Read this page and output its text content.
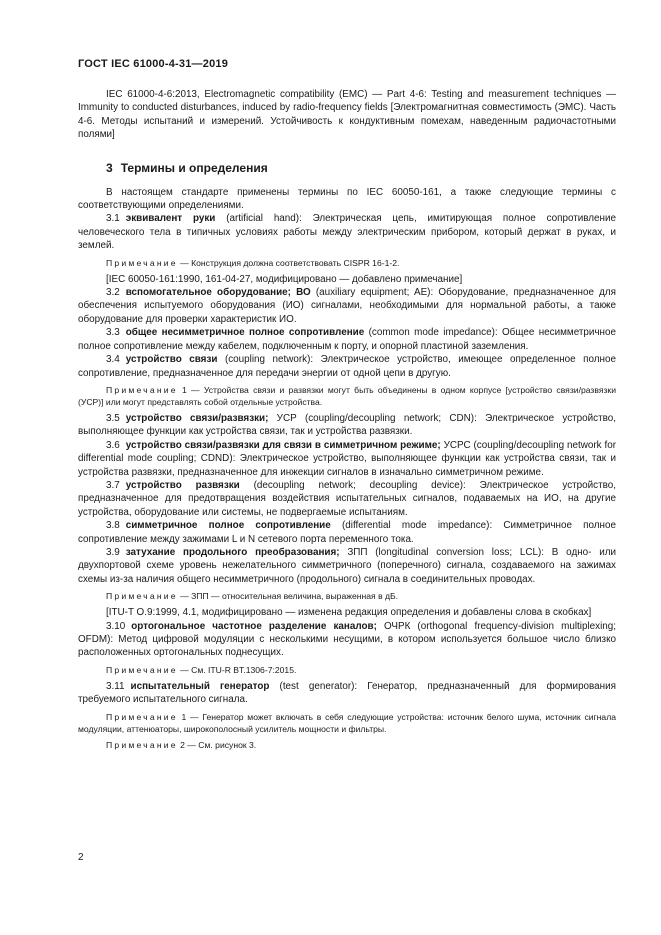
ГОСТ IEC 61000-4-31—2019

IEC 61000-4-6:2013, Electromagnetic compatibility (EMC) — Part 4-6: Testing and measurement techniques — Immunity to conducted disturbances, induced by radio-frequency fields [Электромагнитная совместимость (ЭМС). Часть 4-6. Методы испытаний и измерений. Устойчивость к кондуктивным помехам, наведенным радиочастотными полями]

3 Термины и определения

В настоящем стандарте применены термины по IEC 60050-161, а также следующие термины с соответствующими определениями.

3.1 эквивалент руки (artificial hand): Электрическая цепь, имитирующая полное сопротивление человеческого тела в типичных условиях работы между электрическим прибором, который держат в руках, и землей.

Примечание — Конструкция должна соответствовать CISPR 16-1-2.

[IEC 60050-161:1990, 161-04-27, модифицировано — добавлено примечание]

3.2 вспомогательное оборудование; ВО (auxiliary equipment; AE): Оборудование, предназначенное для обеспечения испытуемого оборудования (ИО) сигналами, необходимыми для нормальной работы, а также оборудование для проверки характеристик ИО.

3.3 общее несимметричное полное сопротивление (common mode impedance): Общее несимметричное полное сопротивление между кабелем, подключенным к порту, и опорной пластиной заземления.

3.4 устройство связи (coupling network): Электрическое устройство, имеющее определенное полное сопротивление, предназначенное для передачи энергии от одной цепи в другую.

Примечание 1 — Устройства связи и развязки могут быть объединены в одном корпусе [устройство связи/развязки (УСР)] или могут представлять собой отдельные устройства.

3.5 устройство связи/развязки; УСР (coupling/decoupling network; CDN): Электрическое устройство, выполняющее функции как устройства связи, так и устройства развязки.

3.6 устройство связи/развязки для связи в симметричном режиме; УСРС (coupling/decoupling network for differential mode coupling; CDND): Электрическое устройство, выполняющее функции как устройства связи, так и устройства развязки, предназначенное для инжекции сигналов в изначально симметричном режиме.

3.7 устройство развязки (decoupling network; decoupling device): Электрическое устройство, предназначенное для предотвращения воздействия испытательных сигналов, подаваемых на ИО, на другие устройства, оборудование или системы, не подвергаемые испытаниям.

3.8 симметричное полное сопротивление (differential mode impedance): Симметричное полное сопротивление между зажимами L и N сетевого порта переменного тока.

3.9 затухание продольного преобразования; ЗПП (longitudinal conversion loss; LCL): В одно- или двухпортовой схеме уровень нежелательного симметричного (поперечного) сигнала, создаваемого на зажимах схемы из-за наличия общего несимметричного (продольного) сигнала в соединительных проводах.

Примечание — ЗПП — относительная величина, выраженная в дБ.

[ITU-T O.9:1999, 4.1, модифицировано — изменена редакция определения и добавлены слова в скобках]

3.10 ортогональное частотное разделение каналов; ОЧРК (orthogonal frequency-division multiplexing; OFDM): Метод цифровой модуляции с несколькими несущими, в котором используется большое число близко расположенных ортогональных поднесущих.

Примечание — См. ITU-R BT.1306-7:2015.

3.11 испытательный генератор (test generator): Генератор, предназначенный для формирования требуемого испытательного сигнала.

Примечание 1 — Генератор может включать в себя следующие устройства: источник белого шума, источник сигнала модуляции, аттенюаторы, широкополосный усилитель мощности и фильтры.
Примечание 2 — См. рисунок 3.
2
